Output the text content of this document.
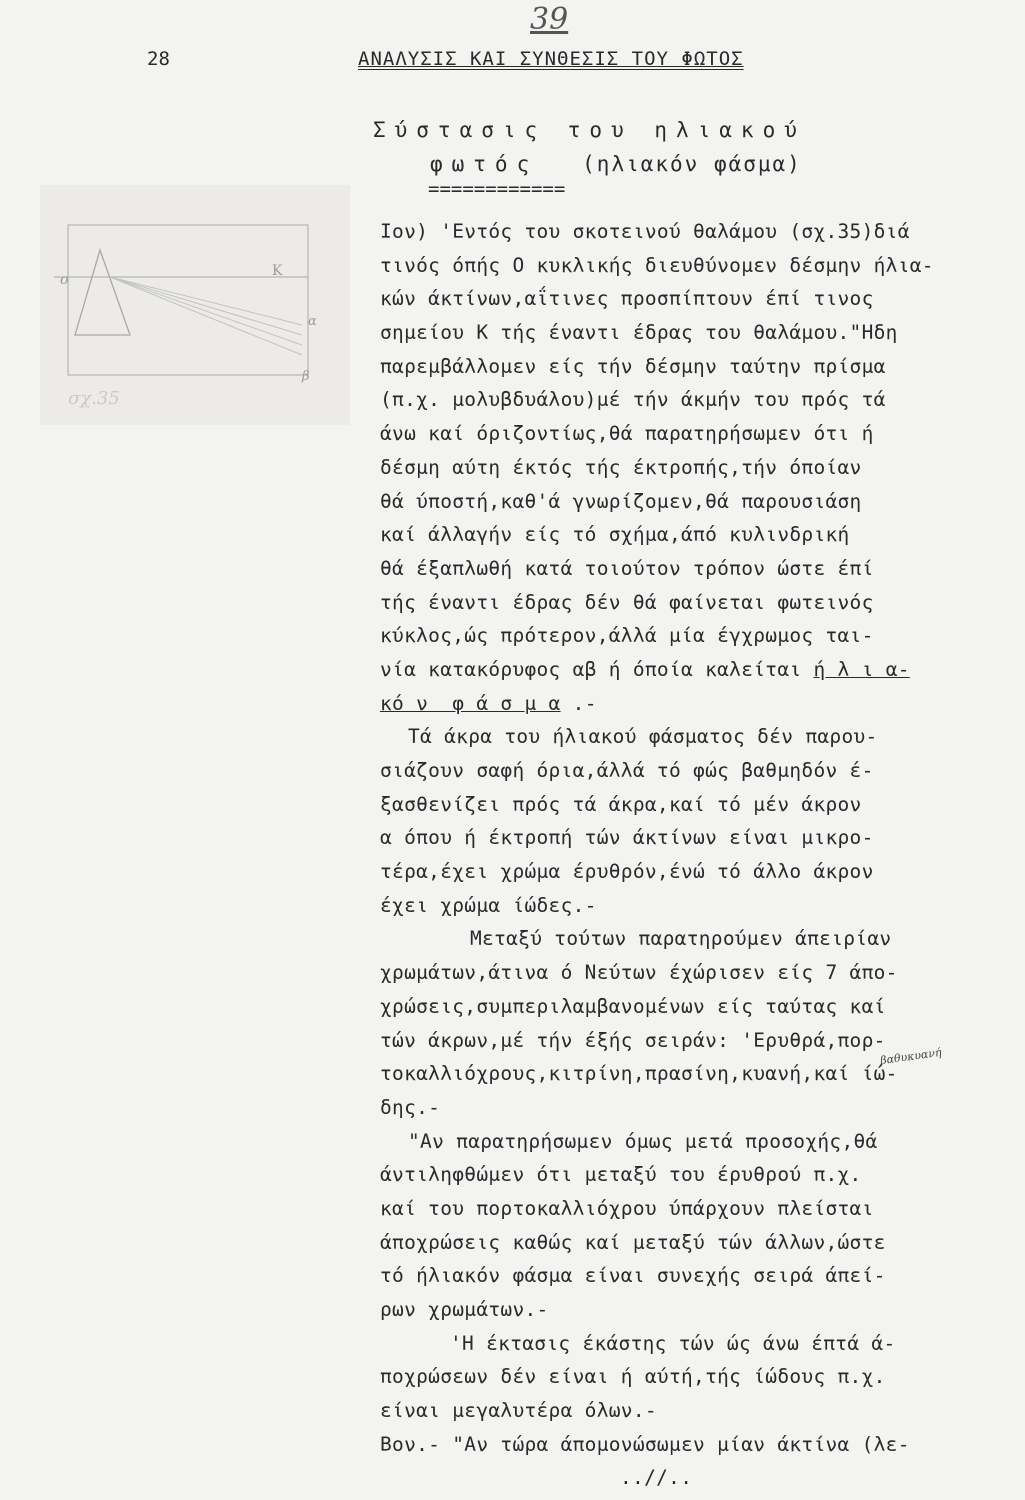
39
28	ΑΝΑΛΥΣΙΣ ΚΑΙ ΣΥΝΘΕΣΙΣ ΤΟΥ ΦΩΤΟΣ
Σύστασις του ηλιακού
φωτός (ηλιακόν φάσμα)
============
ο
Κ
α
β
σχ.35
Ιον) 'Εντός του σκοτεινού θαλάμου (σχ.35)διά
τινός όπής Ο κυκλικής διευθύνομεν δέσμην ήλια-
κών άκτίνων,αΐτινες προσπίπτουν έπί τινος
σημείου Κ τής έναντι έδρας του θαλάμου."Ηδη
παρεμβάλλομεν είς τήν δέσμην ταύτην πρίσμα
(π.χ. μολυβδυάλου)μέ τήν άκμήν του πρός τά
άνω καί όριζοντίως,θά παρατηρήσωμεν ότι ή
δέσμη αύτη έκτός τής έκτροπής,τήν όποίαν
θά ύποστή,καθ'ά γνωρίζομεν,θά παρουσιάση
καί άλλαγήν είς τό σχήμα,άπό κυλινδρική
θά έξαπλωθή κατά τοιούτον τρόπον ώστε έπί
τής έναντι έδρας δέν θά φαίνεται φωτεινός
κύκλος,ώς πρότερον,άλλά μία έγχρωμος ται-
νία κατακόρυφος αβ ή όποία καλείται ή λ ι α-
κό ν  φ ά σ μ α .-
Τά άκρα του ήλιακού φάσματος δέν παρου-
σιάζουν σαφή όρια,άλλά τό φώς βαθμηδόν έ-
ξασθενίζει πρός τά άκρα,καί τό μέν άκρον
α όπου ή έκτροπή τών άκτίνων είναι μικρο-
τέρα,έχει χρώμα έρυθρόν,ένώ τό άλλο άκρον
έχει χρώμα ίώδες.-
Μεταξύ τούτων παρατηρούμεν άπειρίαν
χρωμάτων,άτινα ό Νεύτων έχώρισεν είς 7 άπο-
χρώσεις,συμπεριλαμβανομένων είς ταύτας καί
τών άκρων,μέ τήν έξής σειράν: 'Ερυθρά,πορ-
τοκαλλιόχρους,κιτρίνη,πρασίνη,κυανή,καί ίώ-
δης.-
"Αν παρατηρήσωμεν όμως μετά προσοχής,θά
άντιληφθώμεν ότι μεταξύ του έρυθρού π.χ.
καί του πορτοκαλλιόχρου ύπάρχουν πλείσται
άποχρώσεις καθώς καί μεταξύ τών άλλων,ώστε
τό ήλιακόν φάσμα είναι συνεχής σειρά άπεί-
ρων χρωμάτων.-
'Η έκτασις έκάστης τών ώς άνω έπτά ά-
ποχρώσεων δέν είναι ή αύτή,τής ίώδους π.χ.
είναι μεγαλυτέρα όλων.-
Βον.- "Αν τώρα άπομονώσωμεν μίαν άκτίνα (λε-
..//..
βαθυκυανή
